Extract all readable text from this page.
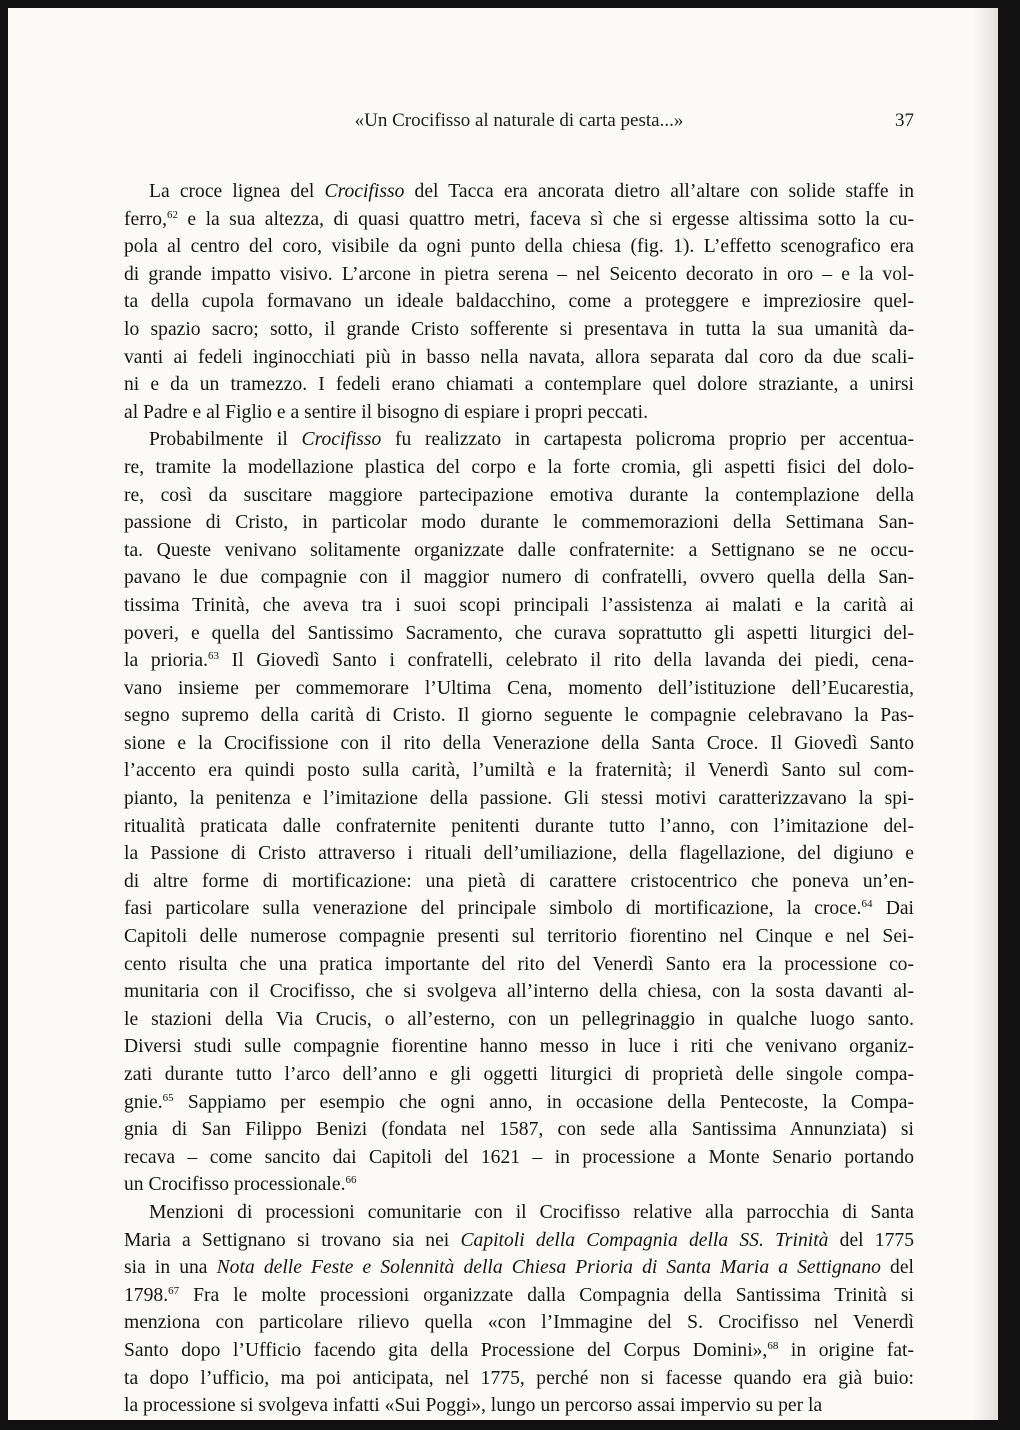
«Un Crocifisso al naturale di carta pesta...»	37
La croce lignea del Crocifisso del Tacca era ancorata dietro all’altare con solide staffe in
ferro,$^{62}$ e la sua altezza, di quasi quattro metri, faceva sì che si ergesse altissima sotto la cu-
pola al centro del coro, visibile da ogni punto della chiesa (fig. 1). L’effetto scenografico era
di grande impatto visivo. L’arcone in pietra serena – nel Seicento decorato in oro – e la vol-
ta della cupola formavano un ideale baldacchino, come a proteggere e impreziosire quel-
lo spazio sacro; sotto, il grande Cristo sofferente si presentava in tutta la sua umanità da-
vanti ai fedeli inginocchiati più in basso nella navata, allora separata dal coro da due scali-
ni e da un tramezzo. I fedeli erano chiamati a contemplare quel dolore straziante, a unirsi
al Padre e al Figlio e a sentire il bisogno di espiare i propri peccati.
Probabilmente il Crocifisso fu realizzato in cartapesta policroma proprio per accentua-
re, tramite la modellazione plastica del corpo e la forte cromia, gli aspetti fisici del dolo-
re, così da suscitare maggiore partecipazione emotiva durante la contemplazione della
passione di Cristo, in particolar modo durante le commemorazioni della Settimana San-
ta. Queste venivano solitamente organizzate dalle confraternite: a Settignano se ne occu-
pavano le due compagnie con il maggior numero di confratelli, ovvero quella della San-
tissima Trinità, che aveva tra i suoi scopi principali l’assistenza ai malati e la carità ai
poveri, e quella del Santissimo Sacramento, che curava soprattutto gli aspetti liturgici del-
la prioria.$^{63}$ Il Giovedì Santo i confratelli, celebrato il rito della lavanda dei piedi, cena-
vano insieme per commemorare l’Ultima Cena, momento dell’istituzione dell’Eucarestia,
segno supremo della carità di Cristo. Il giorno seguente le compagnie celebravano la Pas-
sione e la Crocifissione con il rito della Venerazione della Santa Croce. Il Giovedì Santo
l’accento era quindi posto sulla carità, l’umiltà e la fraternità; il Venerdì Santo sul com-
pianto, la penitenza e l’imitazione della passione. Gli stessi motivi caratterizzavano la spi-
ritualità praticata dalle confraternite penitenti durante tutto l’anno, con l’imitazione del-
la Passione di Cristo attraverso i rituali dell’umiliazione, della flagellazione, del digiuno e
di altre forme di mortificazione: una pietà di carattere cristocentrico che poneva un’en-
fasi particolare sulla venerazione del principale simbolo di mortificazione, la croce.$^{64}$ Dai
Capitoli delle numerose compagnie presenti sul territorio fiorentino nel Cinque e nel Sei-
cento risulta che una pratica importante del rito del Venerdì Santo era la processione co-
munitaria con il Crocifisso, che si svolgeva all’interno della chiesa, con la sosta davanti al-
le stazioni della Via Crucis, o all’esterno, con un pellegrinaggio in qualche luogo santo.
Diversi studi sulle compagnie fiorentine hanno messo in luce i riti che venivano organiz-
zati durante tutto l’arco dell’anno e gli oggetti liturgici di proprietà delle singole compa-
gnie.$^{65}$ Sappiamo per esempio che ogni anno, in occasione della Pentecoste, la Compa-
gnia di San Filippo Benizi (fondata nel 1587, con sede alla Santissima Annunziata) si
recava – come sancito dai Capitoli del 1621 – in processione a Monte Senario portando
un Crocifisso processionale.$^{66}$
Menzioni di processioni comunitarie con il Crocifisso relative alla parrocchia di Santa
Maria a Settignano si trovano sia nei Capitoli della Compagnia della SS. Trinità del 1775
sia in una Nota delle Feste e Solennità della Chiesa Prioria di Santa Maria a Settignano del
1798.67 Fra le molte processioni organizzate dalla Compagnia della Santissima Trinità si
menziona con particolare rilievo quella «con l’Immagine del S. Crocifisso nel Venerdì
Santo dopo l’Ufficio facendo gita della Processione del Corpus Domini»,$^{68}$ in origine fat-
ta dopo l’ufficio, ma poi anticipata, nel 1775, perché non si facesse quando era già buio:
la processione si svolgeva infatti «Sui Poggi», lungo un percorso assai impervio su per la
